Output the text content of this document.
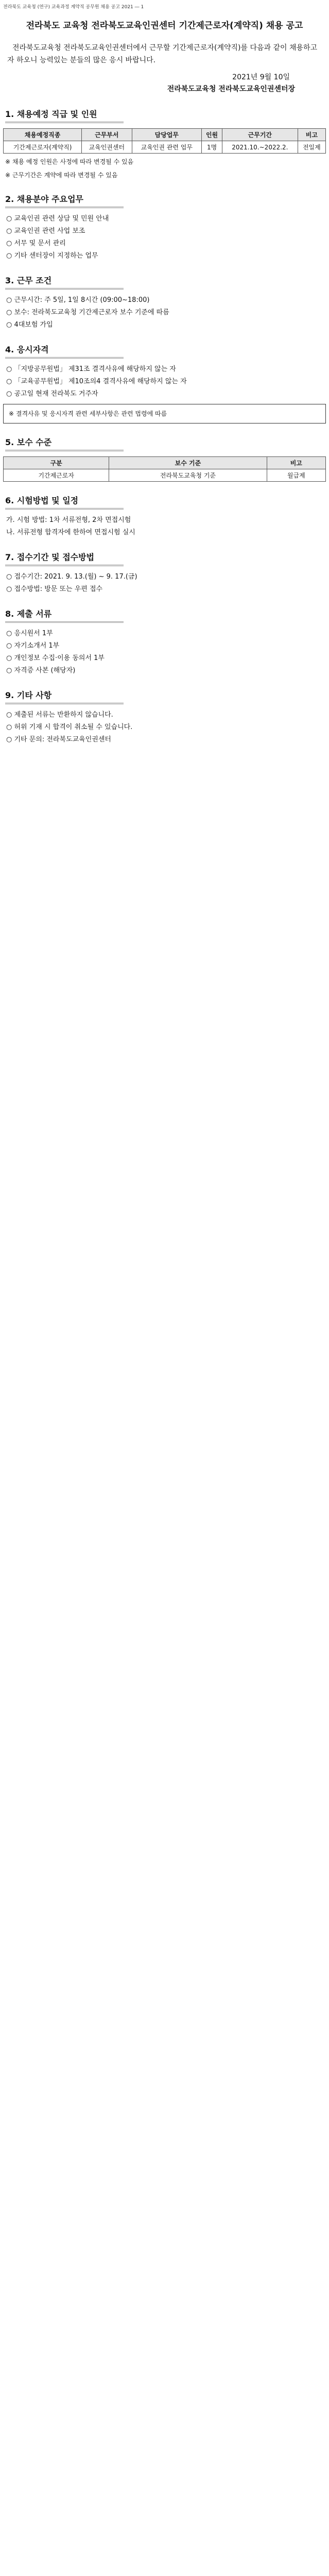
전라북도 교육청 (연구) 교육과정 계약직 공무원 채용 공고 2021 ― 1
전라북도 교육청 전라북도교육인권센터 기간제근로자(계약직) 채용 공고
전라북도교육청 전라북도교육인권센터에서 근무할 기간제근로자(계약직)를 다음과 같이 채용하고자 하오니 능력있는 분들의 많은 응시 바랍니다.
2021년 9월 10일
전라북도교육청 전라북도교육인권센터장
1. 채용예정 직급 및 인원
채용예정직종	근무부서	담당업무	인원	근무기간	비고
기간제근로자(계약직)	교육인권센터	교육인권 관련 업무	1명	2021.10.~2022.2.	전일제
※ 채용 예정 인원은 사정에 따라 변경될 수 있음
※ 근무기간은 계약에 따라 변경될 수 있음
2. 채용분야 주요업무
○ 교육인권 관련 상담 및 민원 안내
○ 교육인권 관련 사업 보조
○ 서무 및 문서 관리
○ 기타 센터장이 지정하는 업무
3. 근무 조건
○ 근무시간: 주 5일, 1일 8시간 (09:00~18:00)
○ 보수: 전라북도교육청 기간제근로자 보수 기준에 따름
○ 4대보험 가입
4. 응시자격
○ 「지방공무원법」 제31조 결격사유에 해당하지 않는 자
○ 「교육공무원법」 제10조의4 결격사유에 해당하지 않는 자
○ 공고일 현재 전라북도 거주자
※ 결격사유 및 응시자격 관련 세부사항은 관련 법령에 따름
5. 보수 수준
구분	보수 기준	비고
기간제근로자	전라북도교육청 기준	월급제
6. 시험방법 및 일정
가. 시험 방법: 1차 서류전형, 2차 면접시험
나. 서류전형 합격자에 한하여 면접시험 실시
7. 접수기간 및 접수방법
○ 접수기간: 2021. 9. 13.(월) ~ 9. 17.(금)
○ 접수방법: 방문 또는 우편 접수
8. 제출 서류
○ 응시원서 1부
○ 자기소개서 1부
○ 개인정보 수집·이용 동의서 1부
○ 자격증 사본 (해당자)
9. 기타 사항
○ 제출된 서류는 반환하지 않습니다.
○ 허위 기재 시 합격이 취소될 수 있습니다.
○ 기타 문의: 전라북도교육인권센터
